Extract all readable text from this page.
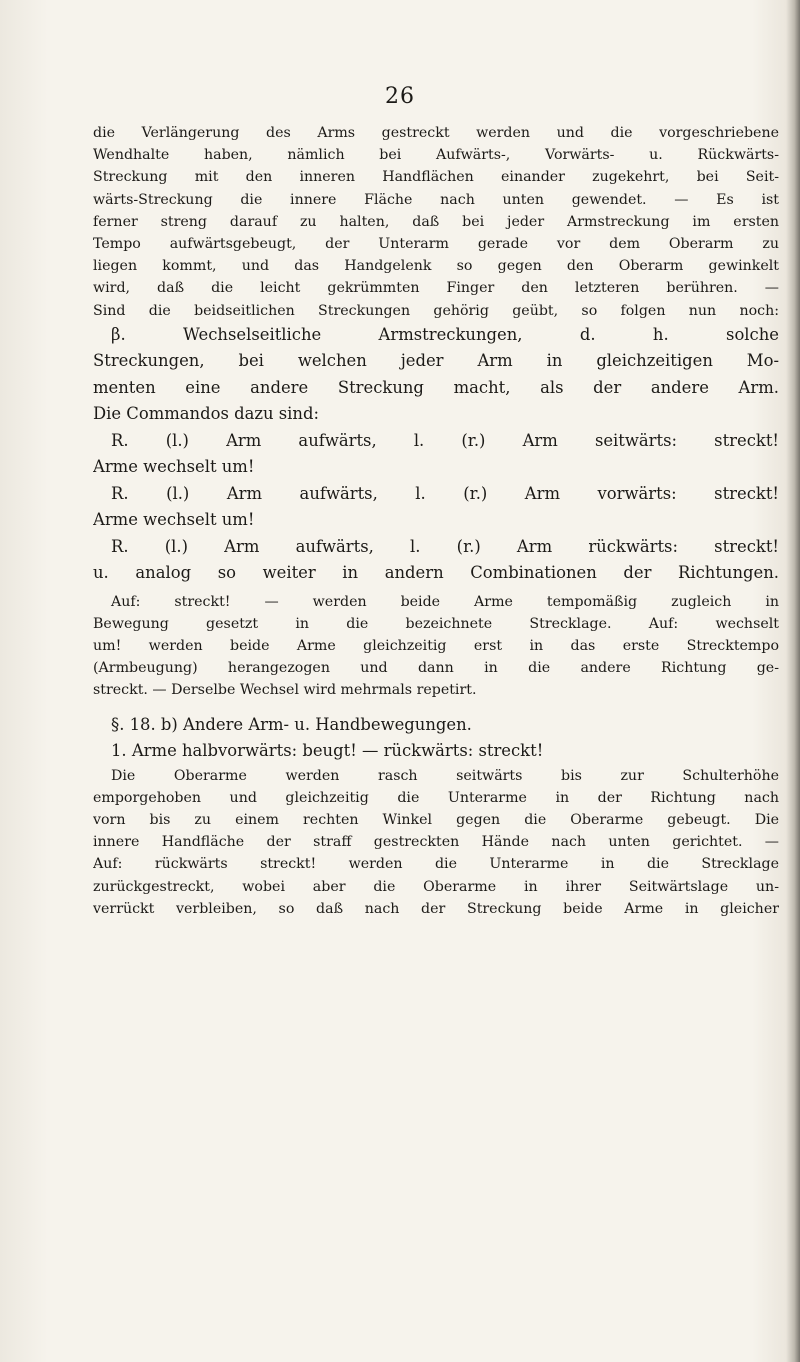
26
die Verlängerung des Arms gestreckt werden und die vorgeschriebene
Wendhalte haben, nämlich bei Aufwärts-, Vorwärts- u. Rückwärts-
Streckung mit den inneren Handflächen einander zugekehrt, bei Seit-
wärts-Streckung die innere Fläche nach unten gewendet. — Es ist
ferner streng darauf zu halten, daß bei jeder Armstreckung im ersten
Tempo aufwärtsgebeugt, der Unterarm gerade vor dem Oberarm zu
liegen kommt, und das Handgelenk so gegen den Oberarm gewinkelt
wird, daß die leicht gekrümmten Finger den letzteren berühren. —
Sind die beidseitlichen Streckungen gehörig geübt, so folgen nun noch:
β. Wechselseitliche Armstreckungen, d. h. solche
Streckungen, bei welchen jeder Arm in gleichzeitigen Mo-
menten eine andere Streckung macht, als der andere Arm.
Die Commandos dazu sind:
R. (l.) Arm aufwärts, l. (r.) Arm seitwärts: streckt!
Arme wechselt um!
R. (l.) Arm aufwärts, l. (r.) Arm vorwärts: streckt!
Arme wechselt um!
R. (l.) Arm aufwärts, l. (r.) Arm rückwärts: streckt!
u. analog so weiter in andern Combinationen der Richtungen.
Auf: streckt! — werden beide Arme tempomäßig zugleich in
Bewegung gesetzt in die bezeichnete Strecklage. Auf: wechselt
um! werden beide Arme gleichzeitig erst in das erste Strecktempo
(Armbeugung) herangezogen und dann in die andere Richtung ge-
streckt. — Derselbe Wechsel wird mehrmals repetirt.
§. 18. b) Andere Arm- u. Handbewegungen.
1. Arme halbvorwärts: beugt! — rückwärts: streckt!
Die Oberarme werden rasch seitwärts bis zur Schulterhöhe
emporgehoben und gleichzeitig die Unterarme in der Richtung nach
vorn bis zu einem rechten Winkel gegen die Oberarme gebeugt. Die
innere Handfläche der straff gestreckten Hände nach unten gerichtet. —
Auf: rückwärts streckt! werden die Unterarme in die Strecklage
zurückgestreckt, wobei aber die Oberarme in ihrer Seitwärtslage un-
verrückt verbleiben, so daß nach der Streckung beide Arme in gleicher
